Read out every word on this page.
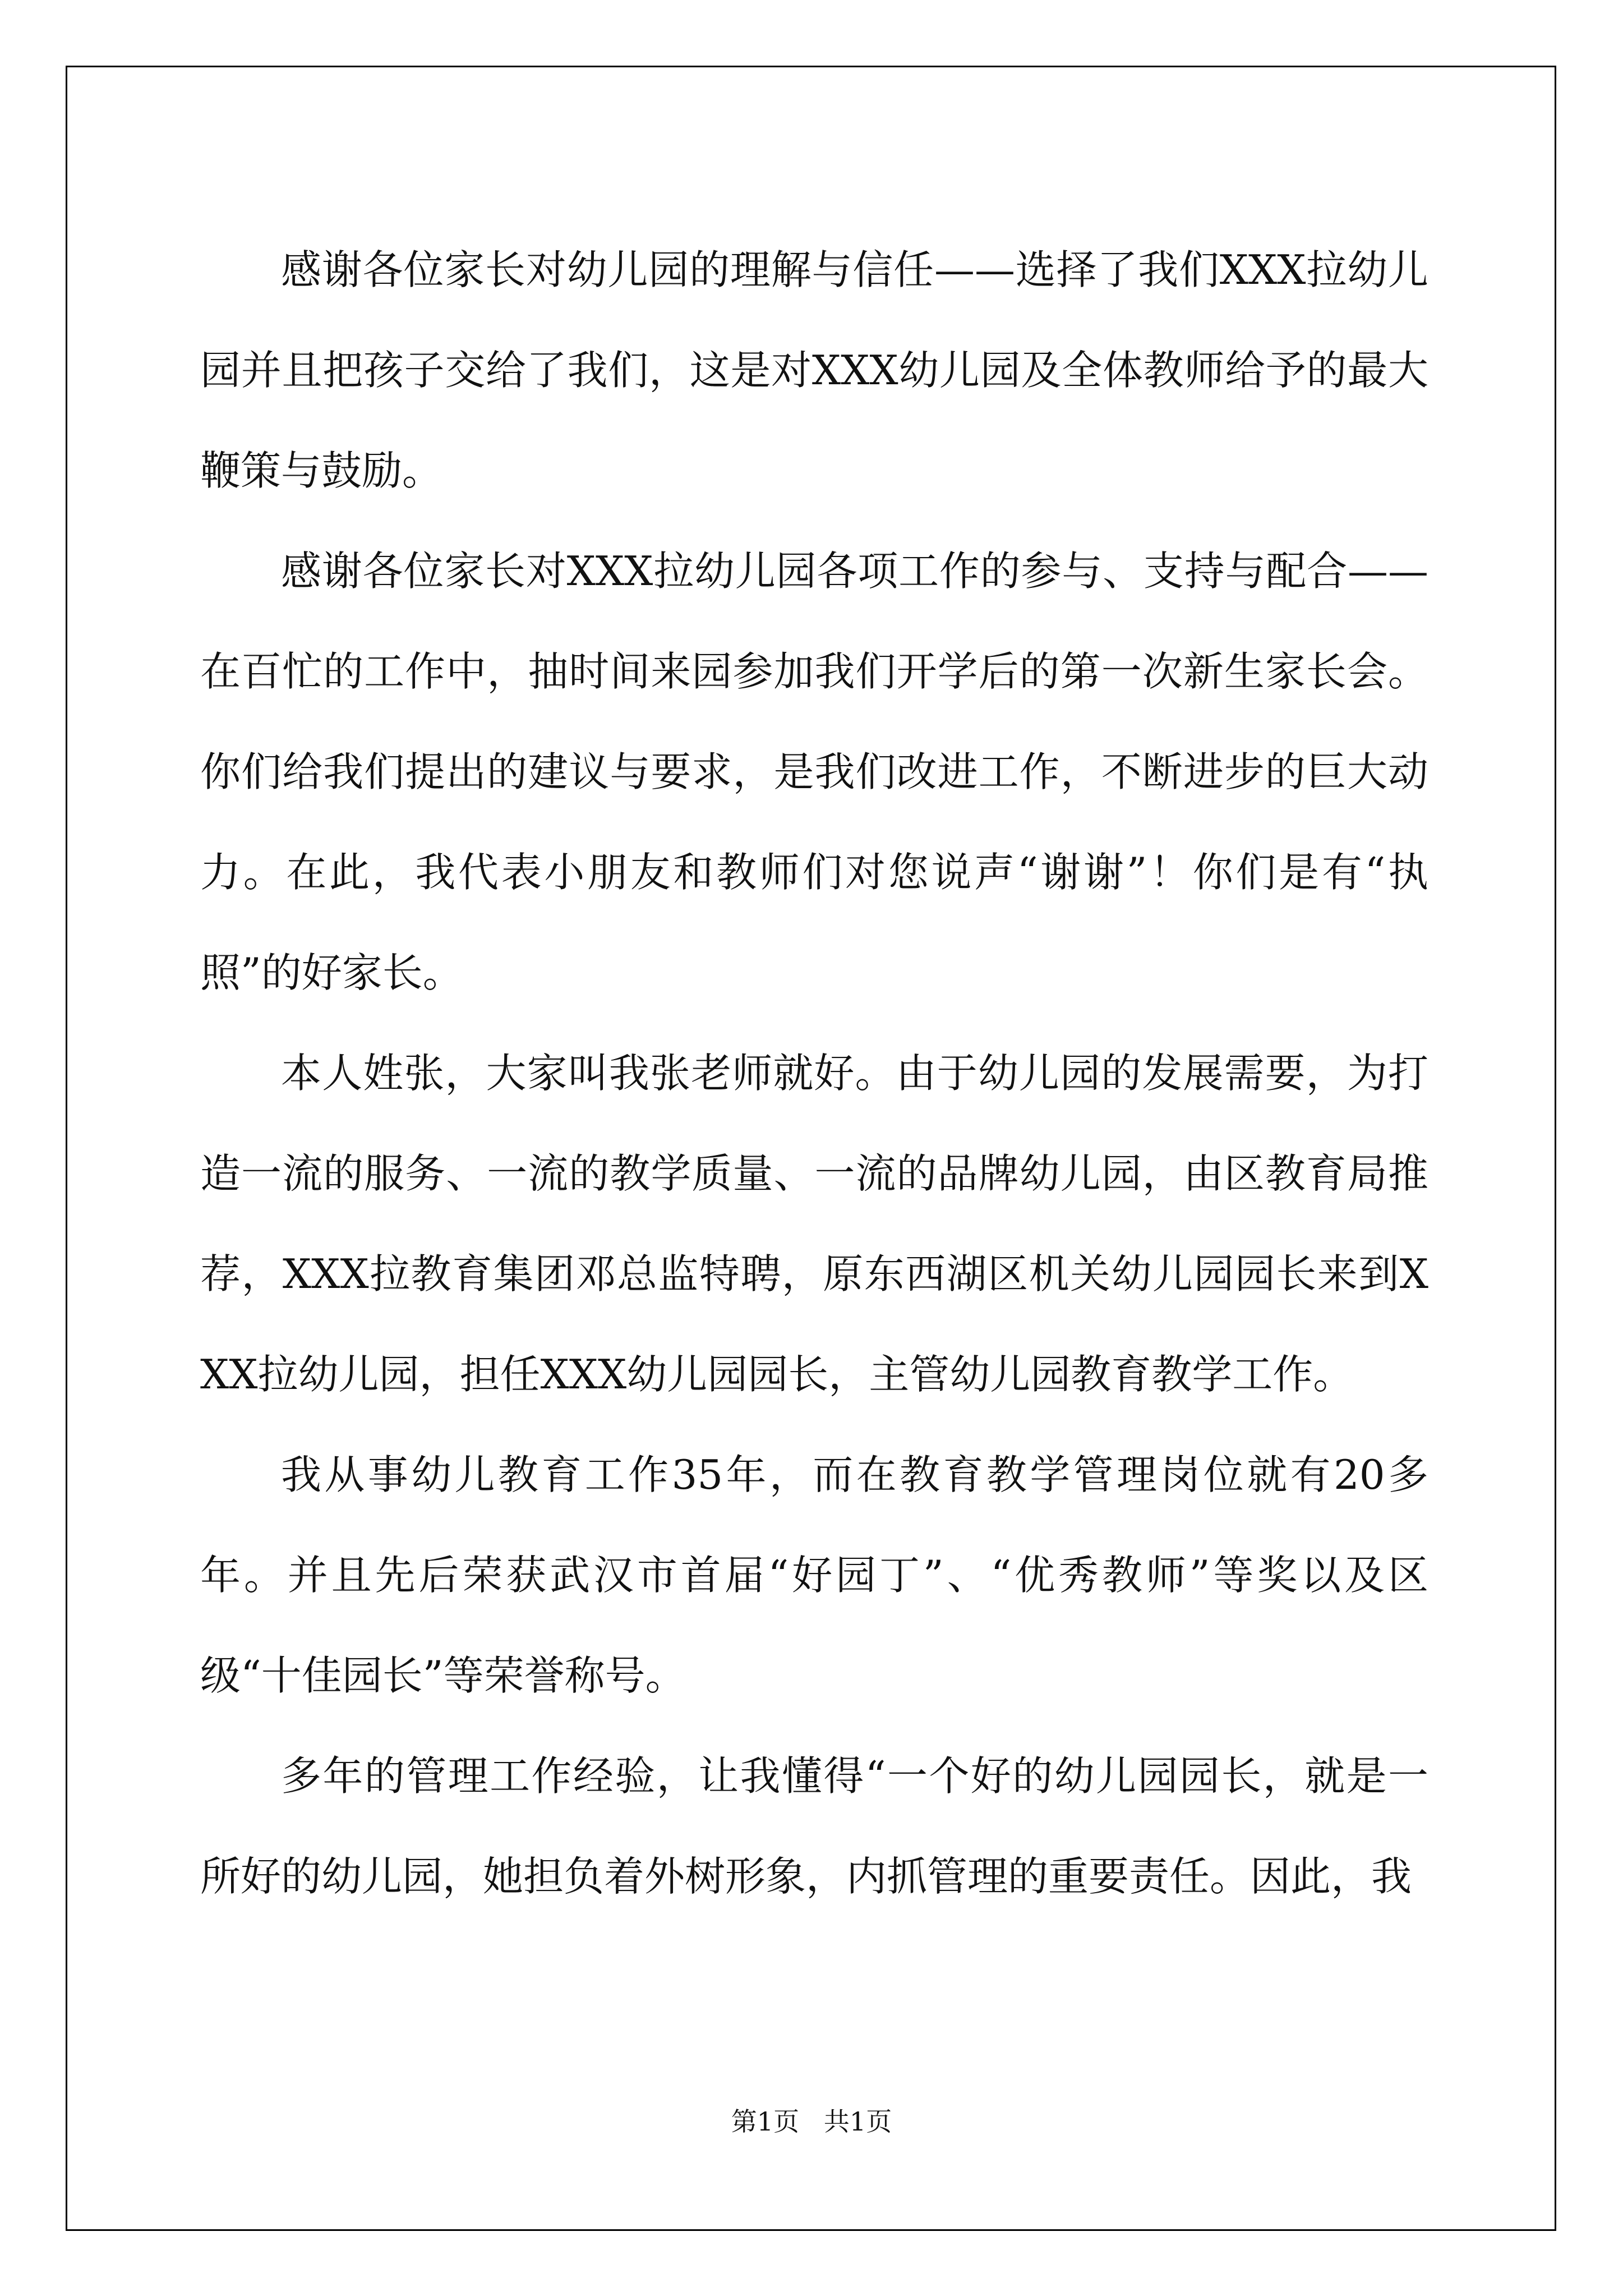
感谢各位家长对幼儿园的理解与信任——选择了我们XXX拉幼儿园并且把孩子交给了我们，这是对XXX幼儿园及全体教师给予的最大鞭策与鼓励。

感谢各位家长对XXX拉幼儿园各项工作的参与、支持与配合——在百忙的工作中，抽时间来园参加我们开学后的第一次新生家长会。你们给我们提出的建议与要求，是我们改进工作，不断进步的巨大动力。在此，我代表小朋友和教师们对您说声“谢谢”！你们是有“执照”的好家长。

本人姓张，大家叫我张老师就好。由于幼儿园的发展需要，为打造一流的服务、一流的教学质量、一流的品牌幼儿园，由区教育局推荐，XXX拉教育集团邓总监特聘，原东西湖区机关幼儿园园长来到XXX拉幼儿园，担任XXX幼儿园园长，主管幼儿园教育教学工作。

我从事幼儿教育工作35年，而在教育教学管理岗位就有20多年。并且先后荣获武汉市首届“好园丁”、“优秀教师”等奖以及区级“十佳园长”等荣誉称号。

多年的管理工作经验，让我懂得“一个好的幼儿园园长，就是一所好的幼儿园，她担负着外树形象，内抓管理的重要责任。因此，我

第1页   共1页
